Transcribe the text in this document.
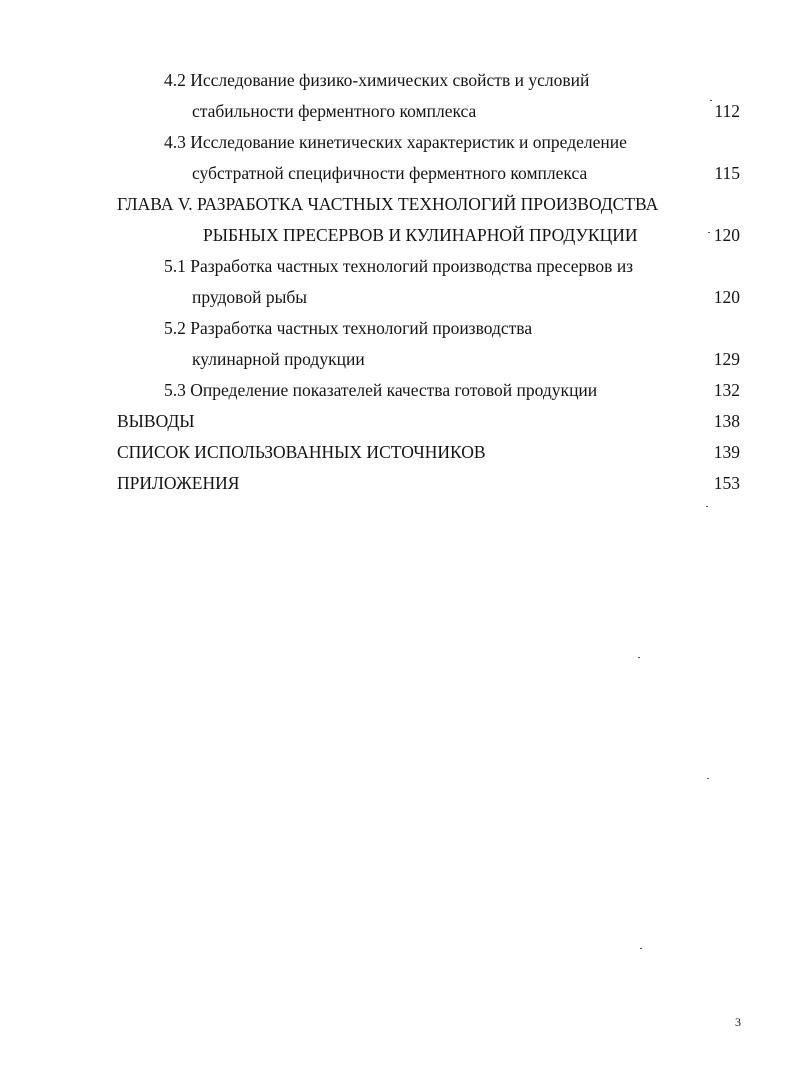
4.2 Исследование физико-химических свойств и условий
стабильности ферментного комплекса	112
4.3 Исследование кинетических характеристик и определение
субстратной специфичности ферментного комплекса	115
ГЛАВА V. РАЗРАБОТКА ЧАСТНЫХ ТЕХНОЛОГИЙ ПРОИЗВОДСТВА
РЫБНЫХ ПРЕСЕРВОВ И КУЛИНАРНОЙ ПРОДУКЦИИ	120
5.1 Разработка частных технологий производства пресервов из
прудовой рыбы	120
5.2 Разработка частных технологий производства
кулинарной продукции	129
5.3 Определение показателей качества готовой продукции	132
ВЫВОДЫ	138
СПИСОК ИСПОЛЬЗОВАННЫХ ИСТОЧНИКОВ	139
ПРИЛОЖЕНИЯ	153
3
